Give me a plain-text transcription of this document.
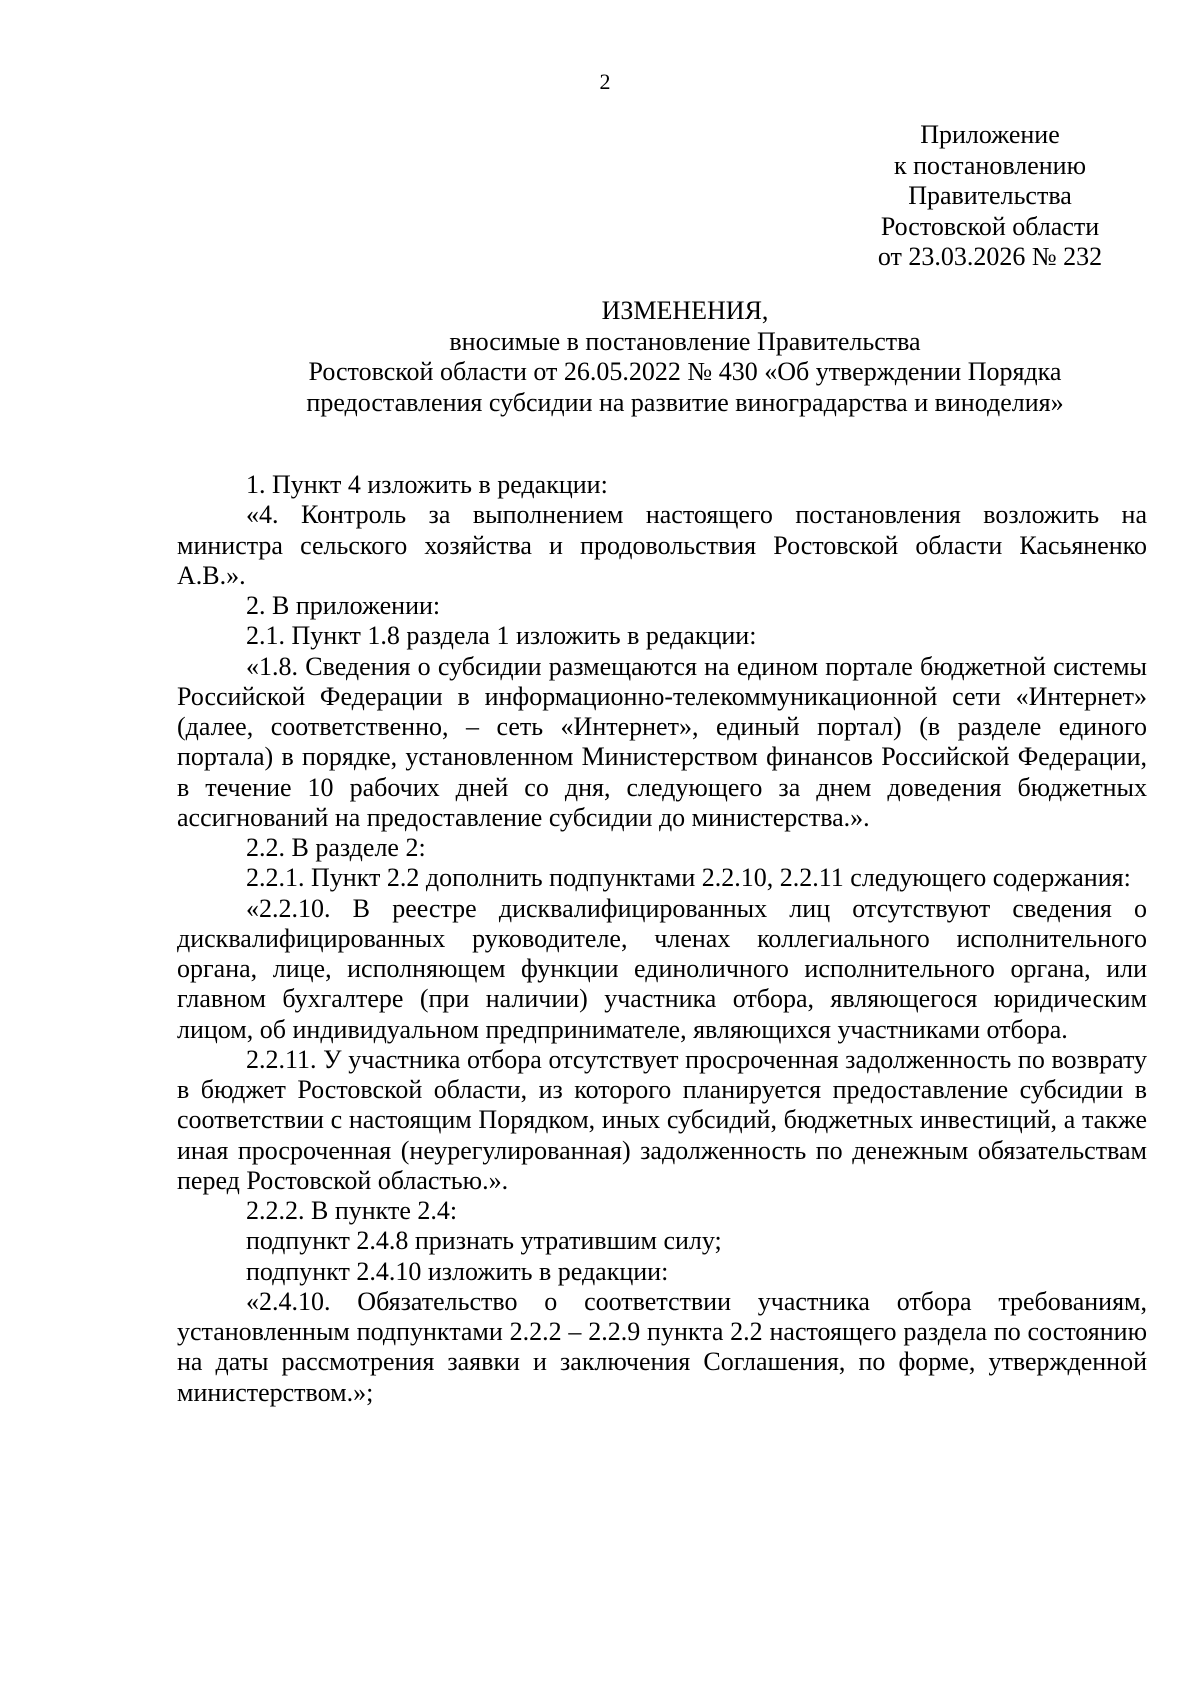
2
Приложение
к постановлению
Правительства
Ростовской области
от 23.03.2026 № 232
ИЗМЕНЕНИЯ,
вносимые в постановление Правительства
Ростовской области от 26.05.2022 № 430 «Об утверждении Порядка
предоставления субсидии на развитие виноградарства и виноделия»

1. Пункт 4 изложить в редакции:

«4. Контроль за выполнением настоящего постановления возложить на министра сельского хозяйства и продовольствия Ростовской области Касьяненко А.В.».

2. В приложении:

2.1. Пункт 1.8 раздела 1 изложить в редакции:

«1.8. Сведения о субсидии размещаются на едином портале бюджетной системы Российской Федерации в информационно-телекоммуникационной сети «Интернет» (далее, соответственно, – сеть «Интернет», единый портал) (в разделе единого портала) в порядке, установленном Министерством финансов Российской Федерации, в течение 10 рабочих дней со дня, следующего за днем доведения бюджетных ассигнований на предоставление субсидии до министерства.».

2.2. В разделе 2:

2.2.1. Пункт 2.2 дополнить подпунктами 2.2.10, 2.2.11 следующего содержания:

«2.2.10. В реестре дисквалифицированных лиц отсутствуют сведения о дисквалифицированных руководителе, членах коллегиального исполнительного органа, лице, исполняющем функции единоличного исполнительного органа, или главном бухгалтере (при наличии) участника отбора, являющегося юридическим лицом, об индивидуальном предпринимателе, являющихся участниками отбора.

2.2.11. У участника отбора отсутствует просроченная задолженность по возврату в бюджет Ростовской области, из которого планируется предоставление субсидии в соответствии с настоящим Порядком, иных субсидий, бюджетных инвестиций, а также иная просроченная (неурегулированная) задолженность по денежным обязательствам перед Ростовской областью.».

2.2.2. В пункте 2.4:

подпункт 2.4.8 признать утратившим силу;

подпункт 2.4.10 изложить в редакции:

«2.4.10. Обязательство о соответствии участника отбора требованиям, установленным подпунктами 2.2.2 – 2.2.9 пункта 2.2 настоящего раздела по состоянию на даты рассмотрения заявки и заключения Соглашения, по форме, утвержденной министерством.»;
